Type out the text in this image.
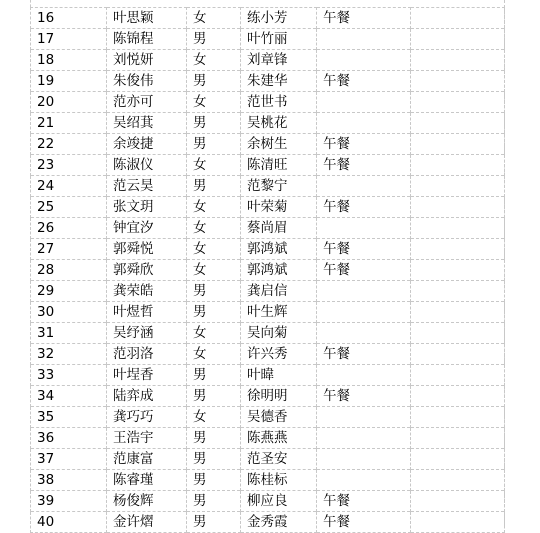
16	叶思颖	女	练小芳	午餐	
17	陈锦程	男	叶竹丽		
18	刘悦妍	女	刘章锋		
19	朱俊伟	男	朱建华	午餐	
20	范亦可	女	范世书		
21	吴绍萁	男	吴桃花		
22	余竣捷	男	余树生	午餐	
23	陈淑仪	女	陈清旺	午餐	
24	范云昊	男	范黎宁		
25	张文玥	女	叶荣菊	午餐	
26	钟宜汐	女	蔡尚眉		
27	郭舜悦	女	郭鸿斌	午餐	
28	郭舜欣	女	郭鸿斌	午餐	
29	龚荣皓	男	龚启信		
30	叶煜哲	男	叶生辉		
31	吴纾涵	女	吴向菊		
32	范羽洛	女	许兴秀	午餐	
33	叶埕香	男	叶暐		
34	陆弈成	男	徐明明	午餐	
35	龚巧巧	女	吴德香		
36	王浩宇	男	陈燕燕		
37	范康富	男	范圣安		
38	陈睿瑾	男	陈桂标		
39	杨俊辉	男	柳应良	午餐	
40	金许熠	男	金秀霞	午餐	
